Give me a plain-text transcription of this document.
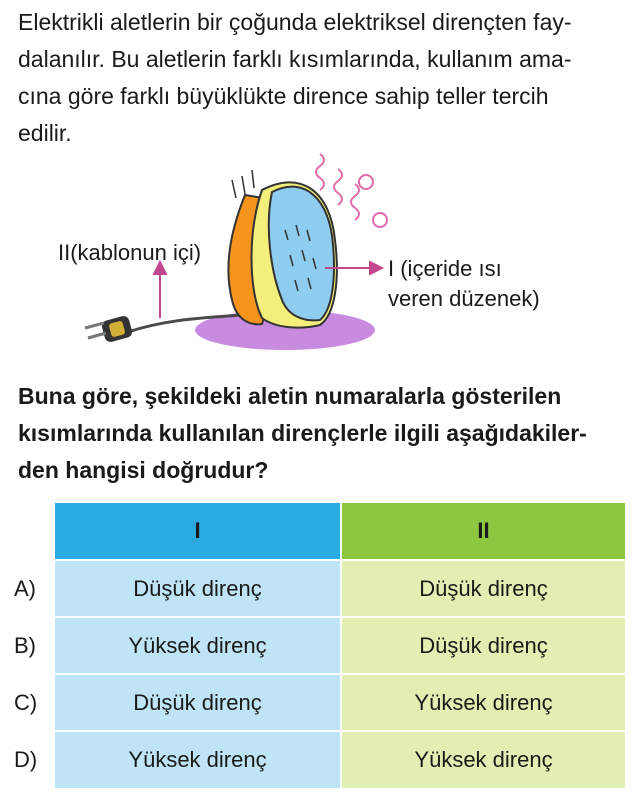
Elektrikli aletlerin bir çoğunda elektriksel dirençten fay-
dalanılır. Bu aletlerin farklı kısımlarında, kullanım ama-
cına göre farklı büyüklükte dirence sahip teller tercih
edilir.

II(kablonun içi)
I (içeride ısı
veren düzenek)

Buna göre, şekildeki aletin numaralarla gösterilen
kısımlarında kullanılan dirençlerle ilgili aşağıdakiler-
den hangisi doğrudur?

I	II
A)	Düşük direnç	Düşük direnç
B)	Yüksek direnç	Düşük direnç
C)	Düşük direnç	Yüksek direnç
D)	Yüksek direnç	Yüksek direnç
